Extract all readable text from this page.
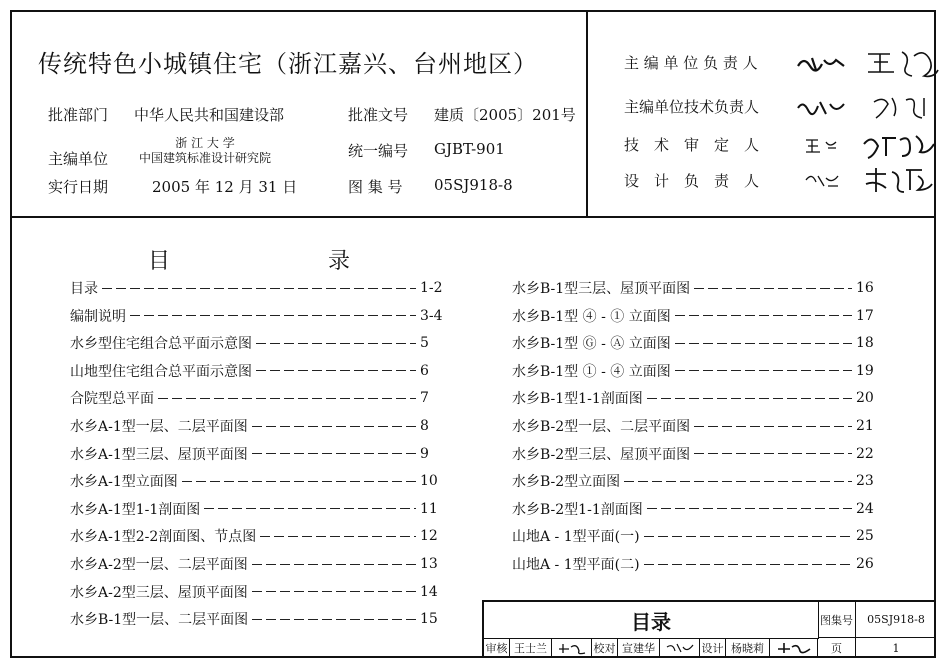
传统特色小城镇住宅（浙江嘉兴、台州地区）
批准部门 中华人民共和国建设部	批准文号 建质〔2005〕201号
主编单位
浙 江 大 学
中国建筑标准设计研究院	统一编号 GJBT-901
实行日期	2005 年 12 月 31 日	图 集 号 05SJ918-8
主 编 单 位 负 责 人
主编单位技术负责人
技　术　审　定　人
设　计　负　责　人
目	录
目录	1-2
编制说明	3-4
水乡型住宅组合总平面示意图	5
山地型住宅组合总平面示意图	6
合院型总平面	7
水乡A-1型一层、二层平面图	8
水乡A-1型三层、屋顶平面图	9
水乡A-1型立面图	10
水乡A-1型1-1剖面图	11
水乡A-1型2-2剖面图、节点图	12
水乡A-2型一层、二层平面图	13
水乡A-2型三层、屋顶平面图	14
水乡B-1型一层、二层平面图	15
水乡B-1型三层、屋顶平面图	16
水乡B-1型 ④ - ① 立面图	17
水乡B-1型 Ⓖ - Ⓐ 立面图	18
水乡B-1型 ① - ④ 立面图	19
水乡B-1型1-1剖面图	20
水乡B-2型一层、二层平面图	21
水乡B-2型三层、屋顶平面图	22
水乡B-2型立面图	23
水乡B-2型1-1剖面图	24
山地A - 1型平面(一)	25
山地A - 1型平面(二)	26
目录	图集号	05SJ918-8
页	1
审核 王士兰	校对 宣建华	设计 杨晓莉
